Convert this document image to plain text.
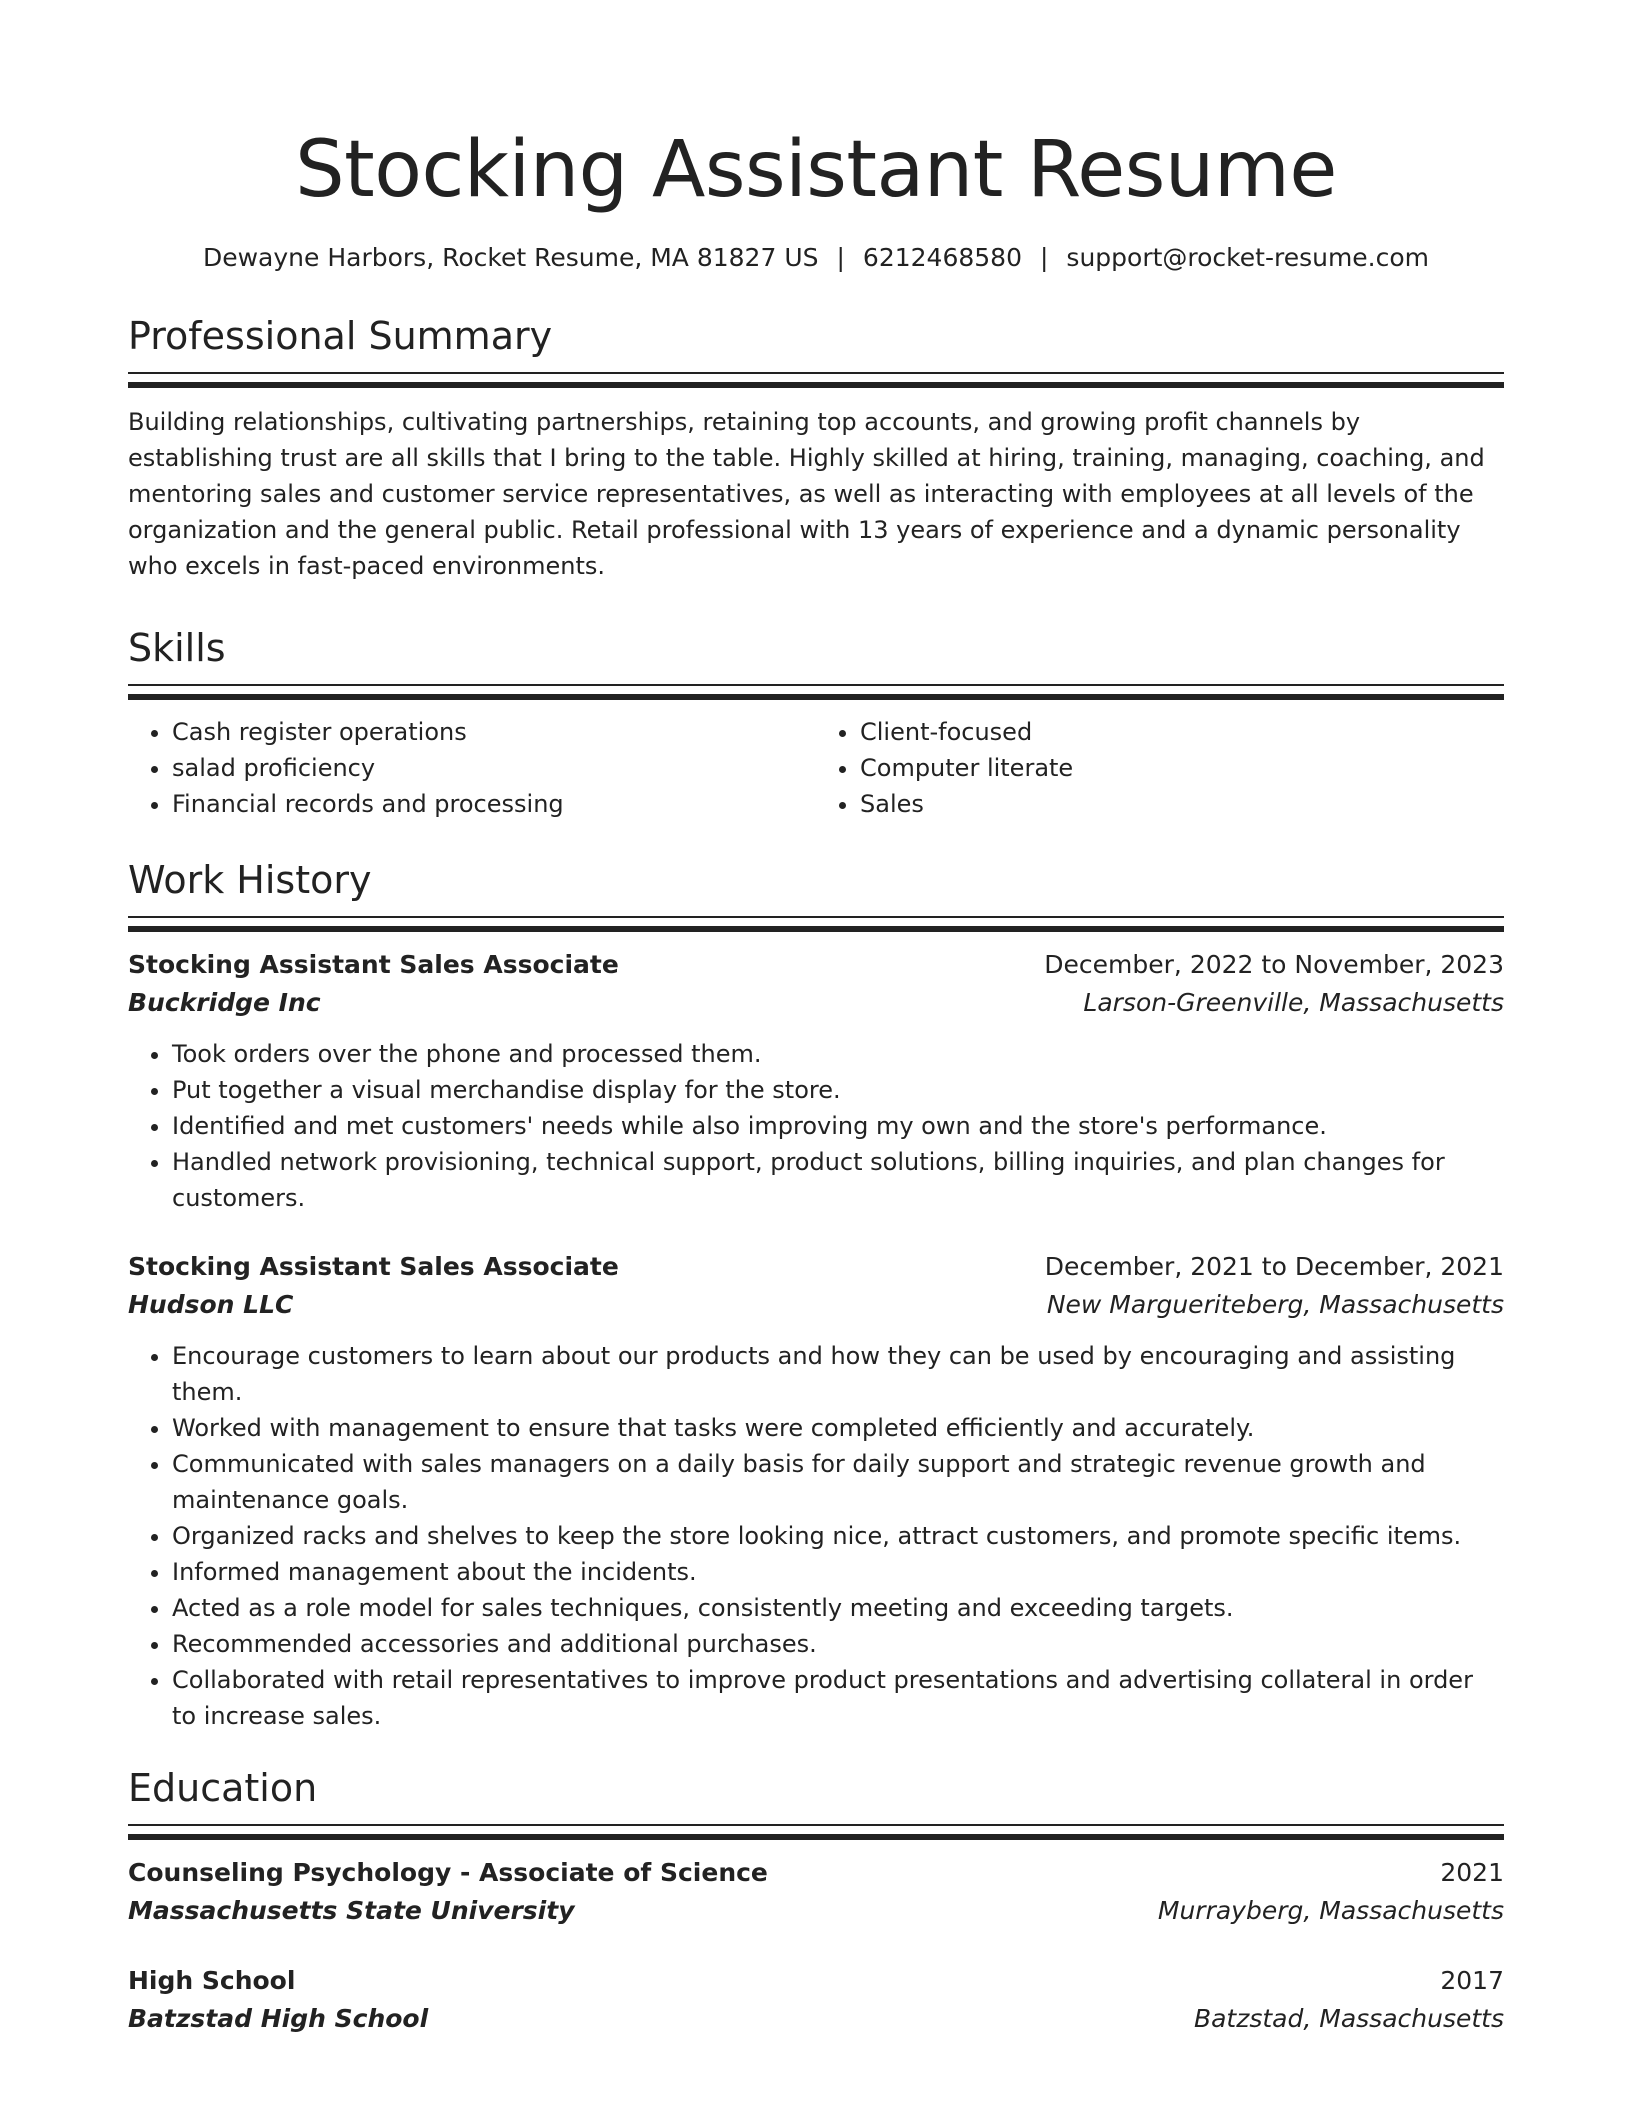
Stocking Assistant Resume
Dewayne Harbors, Rocket Resume, MA 81827 US | 6212468580 | support@rocket-resume.com
Professional Summary

Building relationships, cultivating partnerships, retaining top accounts, and growing profit channels by establishing trust are all skills that I bring to the table. Highly skilled at hiring, training, managing, coaching, and mentoring sales and customer service representatives, as well as interacting with employees at all levels of the organization and the general public. Retail professional with 13 years of experience and a dynamic personality who excels in fast-paced environments.

Skills
• Cash register operations
• salad proficiency
• Financial records and processing
• Client-focused
• Computer literate
• Sales
Work History
Stocking Assistant Sales Associate	December, 2022 to November, 2023
Buckridge Inc	Larson-Greenville, Massachusetts
• Took orders over the phone and processed them.
• Put together a visual merchandise display for the store.
• Identified and met customers' needs while also improving my own and the store's performance.
• Handled network provisioning, technical support, product solutions, billing inquiries, and plan changes for customers.
Stocking Assistant Sales Associate	December, 2021 to December, 2021
Hudson LLC	New Margueriteberg, Massachusetts
• Encourage customers to learn about our products and how they can be used by encouraging and assisting them.
• Worked with management to ensure that tasks were completed efficiently and accurately.
• Communicated with sales managers on a daily basis for daily support and strategic revenue growth and maintenance goals.
• Organized racks and shelves to keep the store looking nice, attract customers, and promote specific items.
• Informed management about the incidents.
• Acted as a role model for sales techniques, consistently meeting and exceeding targets.
• Recommended accessories and additional purchases.
• Collaborated with retail representatives to improve product presentations and advertising collateral in order to increase sales.
Education
Counseling Psychology - Associate of Science	2021
Massachusetts State University	Murrayberg, Massachusetts
High School	2017
Batzstad High School	Batzstad, Massachusetts
